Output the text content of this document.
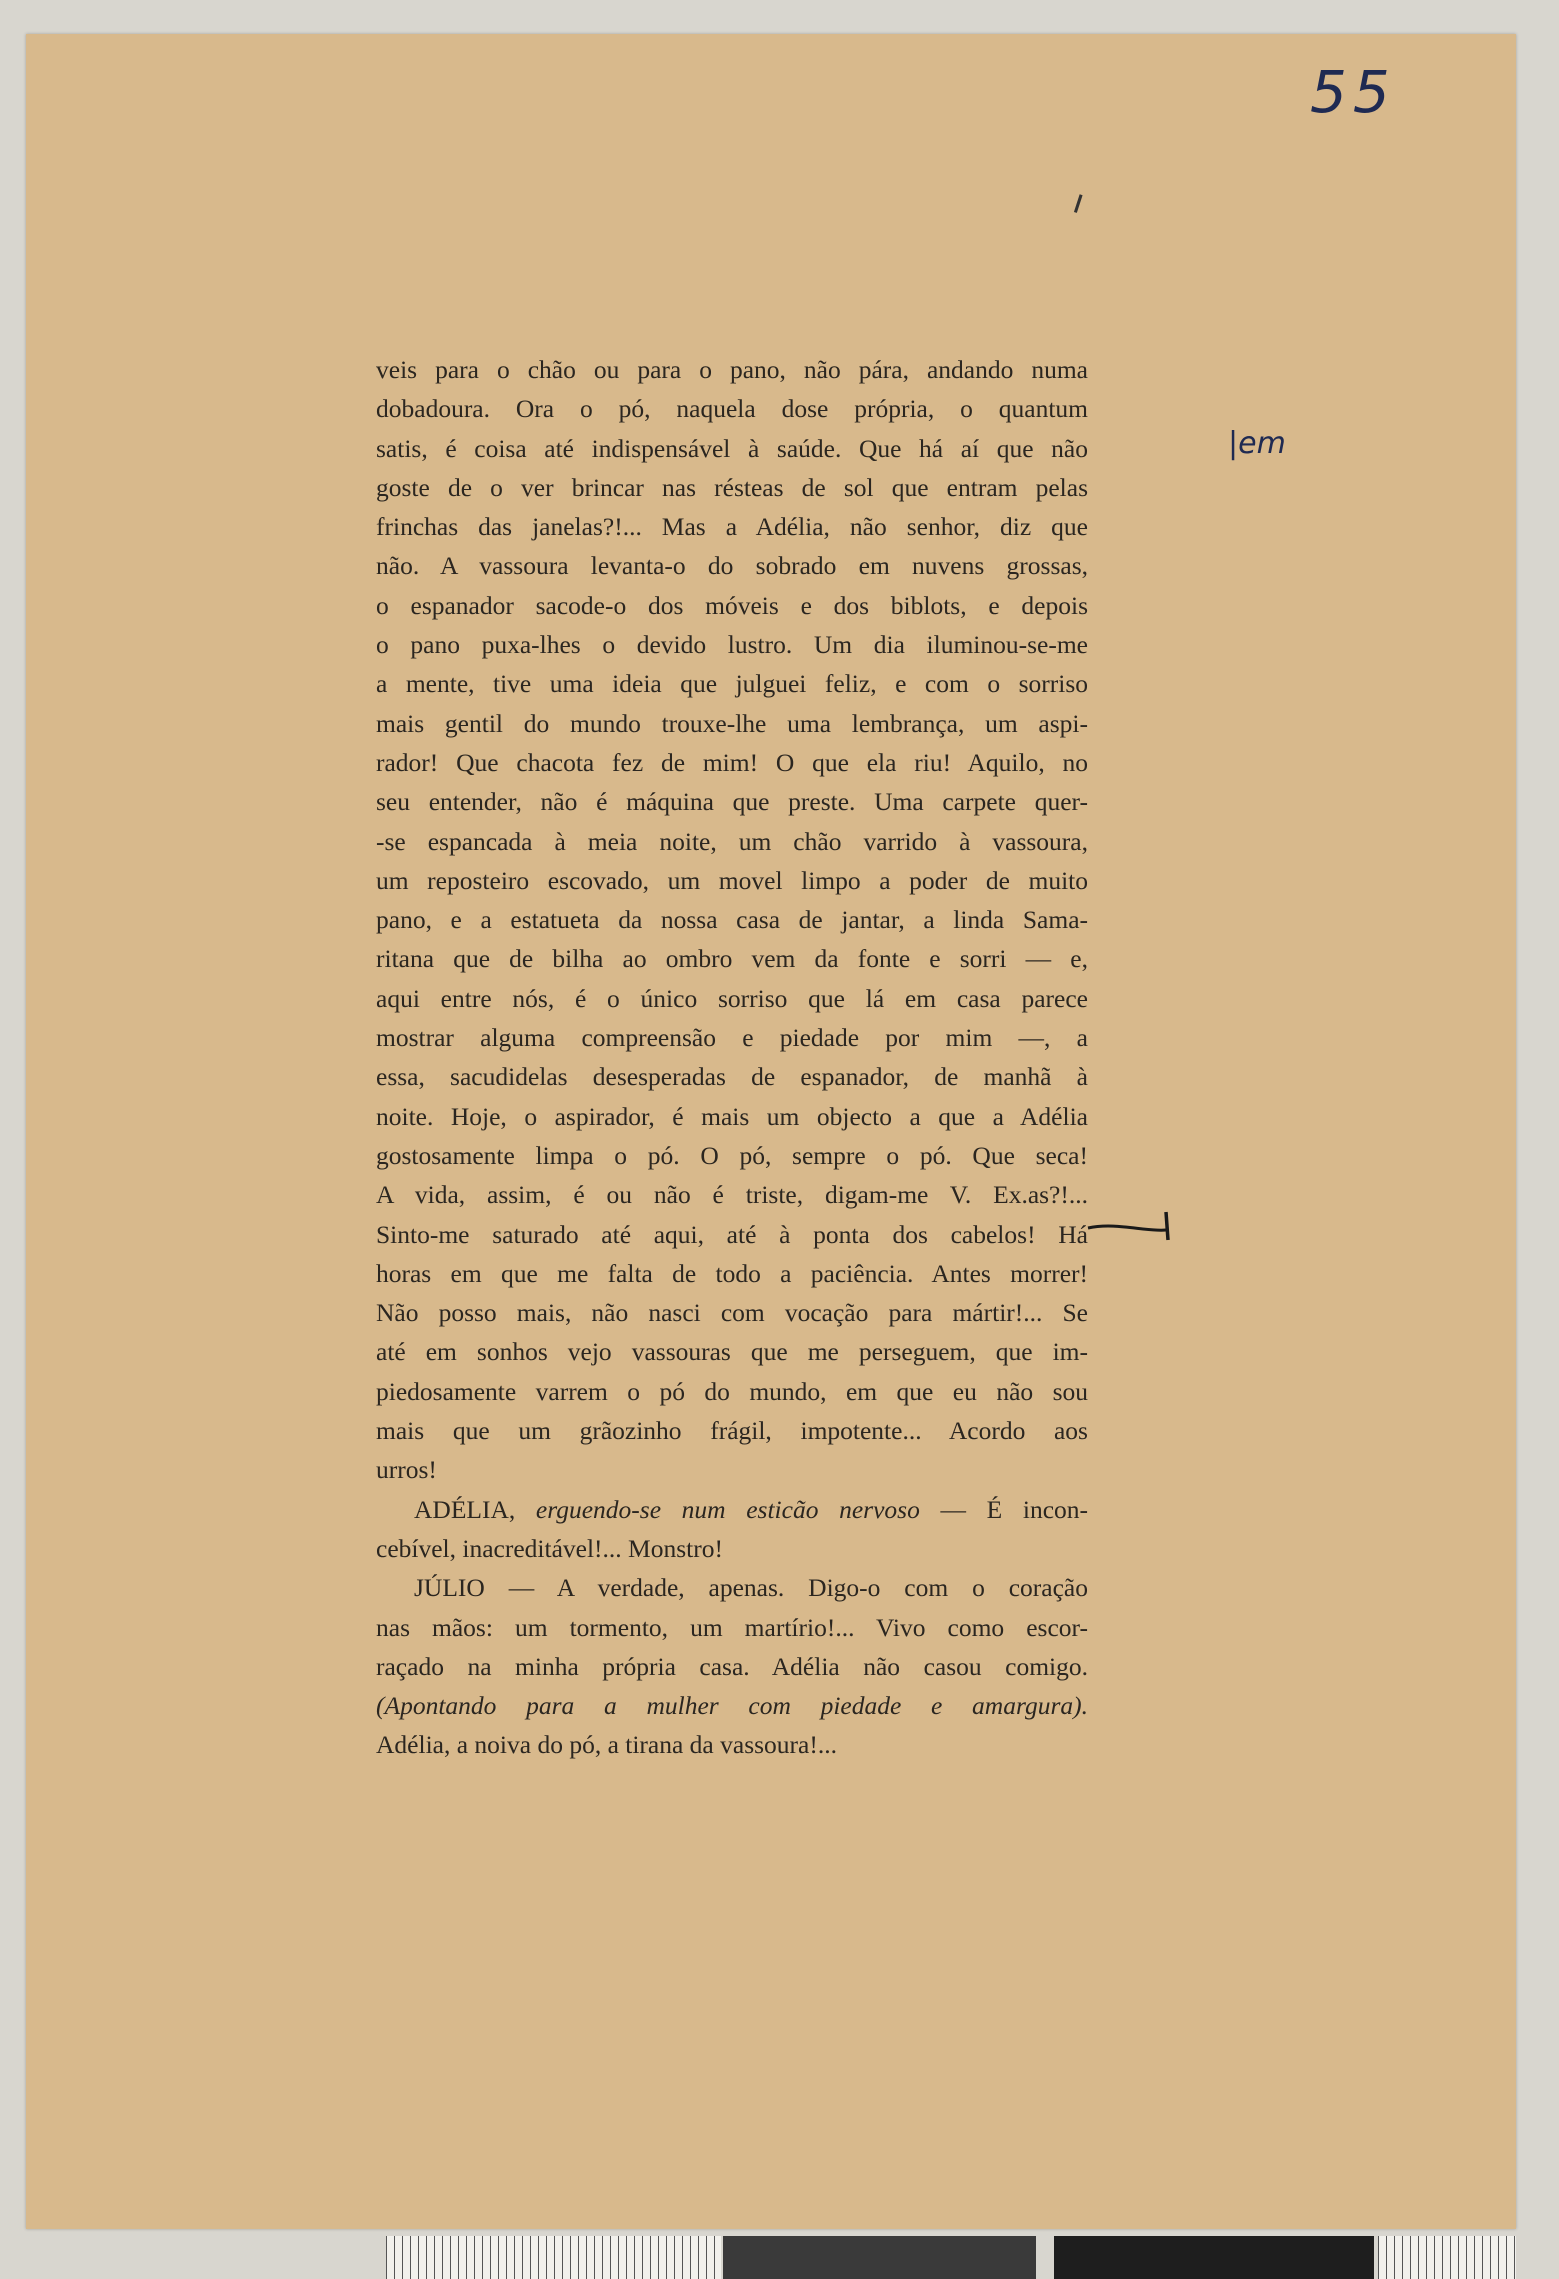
55
ı
|em

veis para o chão ou para o pano, não pára, andando numa
dobadoura. Ora o pó, naquela dose própria, o quantum
satis, é coisa até indispensável à saúde. Que há aí que não
goste de o ver brincar nas résteas de sol que entram pelas
frinchas das janelas?!... Mas a Adélia, não senhor, diz que
não. A vassoura levanta-o do sobrado em nuvens grossas,
o espanador sacode-o dos móveis e dos biblots, e depois
o pano puxa-lhes o devido lustro. Um dia iluminou-se-me
a mente, tive uma ideia que julguei feliz, e com o sorriso
mais gentil do mundo trouxe-lhe uma lembrança, um aspi-
rador! Que chacota fez de mim! O que ela riu! Aquilo, no
seu entender, não é máquina que preste. Uma carpete quer-
-se espancada à meia noite, um chão varrido à vassoura,
um reposteiro escovado, um movel limpo a poder de muito
pano, e a estatueta da nossa casa de jantar, a linda Sama-
ritana que de bilha ao ombro vem da fonte e sorri — e,
aqui entre nós, é o único sorriso que lá em casa parece
mostrar alguma compreensão e piedade por mim —, a
essa, sacudidelas desesperadas de espanador, de manhã à
noite. Hoje, o aspirador, é mais um objecto a que a Adélia
gostosamente limpa o pó. O pó, sempre o pó. Que seca!
A vida, assim, é ou não é triste, digam-me V. Ex.as?!...
Sinto-me saturado até aqui, até à ponta dos cabelos! Há
horas em que me falta de todo a paciência. Antes morrer!
Não posso mais, não nasci com vocação para mártir!... Se
até em sonhos vejo vassouras que me perseguem, que im-
piedosamente varrem o pó do mundo, em que eu não sou
mais que um grãozinho frágil, impotente... Acordo aos
urros!

ADÉLIA, erguendo-se num esticão nervoso — É incon-
cebível, inacreditável!... Monstro!

JÚLIO — A verdade, apenas. Digo-o com o coração
nas mãos: um tormento, um martírio!... Vivo como escor-
raçado na minha própria casa. Adélia não casou comigo.
(Apontando para a mulher com piedade e amargura).
Adélia, a noiva do pó, a tirana da vassoura!...
